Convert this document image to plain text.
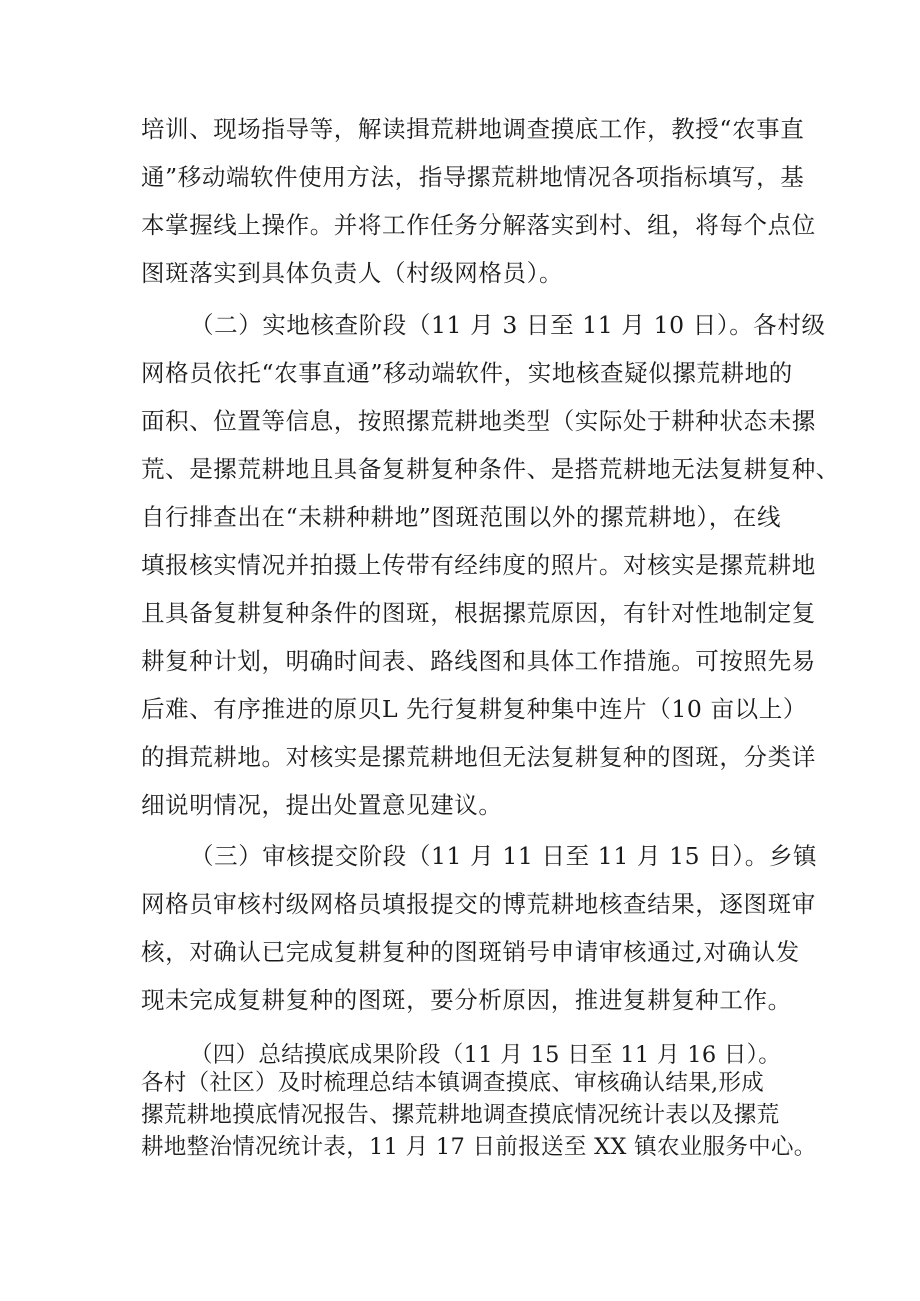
培训、现场指导等，解读揖荒耕地调查摸底工作，教授“农事直
通”移动端软件使用方法，指导摞荒耕地情况各项指标填写，基
本掌握线上操作。并将工作任务分解落实到村、组，将每个点位
图斑落实到具体负责人（村级网格员）。
（二）实地核查阶段（11 月 3 日至 11 月 10 日）。各村级
网格员依托“农事直通”移动端软件，实地核查疑似摞荒耕地的
面积、位置等信息，按照摞荒耕地类型（实际处于耕种状态未摞
荒、是摞荒耕地且具备复耕复种条件、是搭荒耕地无法复耕复种、
自行排查出在“未耕种耕地”图斑范围以外的摞荒耕地），在线
填报核实情况并拍摄上传带有经纬度的照片。对核实是摞荒耕地
且具备复耕复种条件的图斑，根据摞荒原因，有针对性地制定复
耕复种计划，明确时间表、路线图和具体工作措施。可按照先易
后难、有序推进的原贝L 先行复耕复种集中连片（10 亩以上）
的揖荒耕地。对核实是摞荒耕地但无法复耕复种的图斑，分类详
细说明情况，提出处置意见建议。
（三）审核提交阶段（11 月 11 日至 11 月 15 日）。乡镇
网格员审核村级网格员填报提交的博荒耕地核查结果，逐图斑审
核，对确认已完成复耕复种的图斑销号申请审核通过,对确认发
现未完成复耕复种的图斑，要分析原因，推进复耕复种工作。
（四）总结摸底成果阶段（11 月 15 日至 11 月 16 日）。
各村（社区）及时梳理总结本镇调查摸底、审核确认结果,形成
摞荒耕地摸底情况报告、摞荒耕地调查摸底情况统计表以及摞荒
耕地整治情况统计表，11 月 17 日前报送至 XX 镇农业服务中心。
